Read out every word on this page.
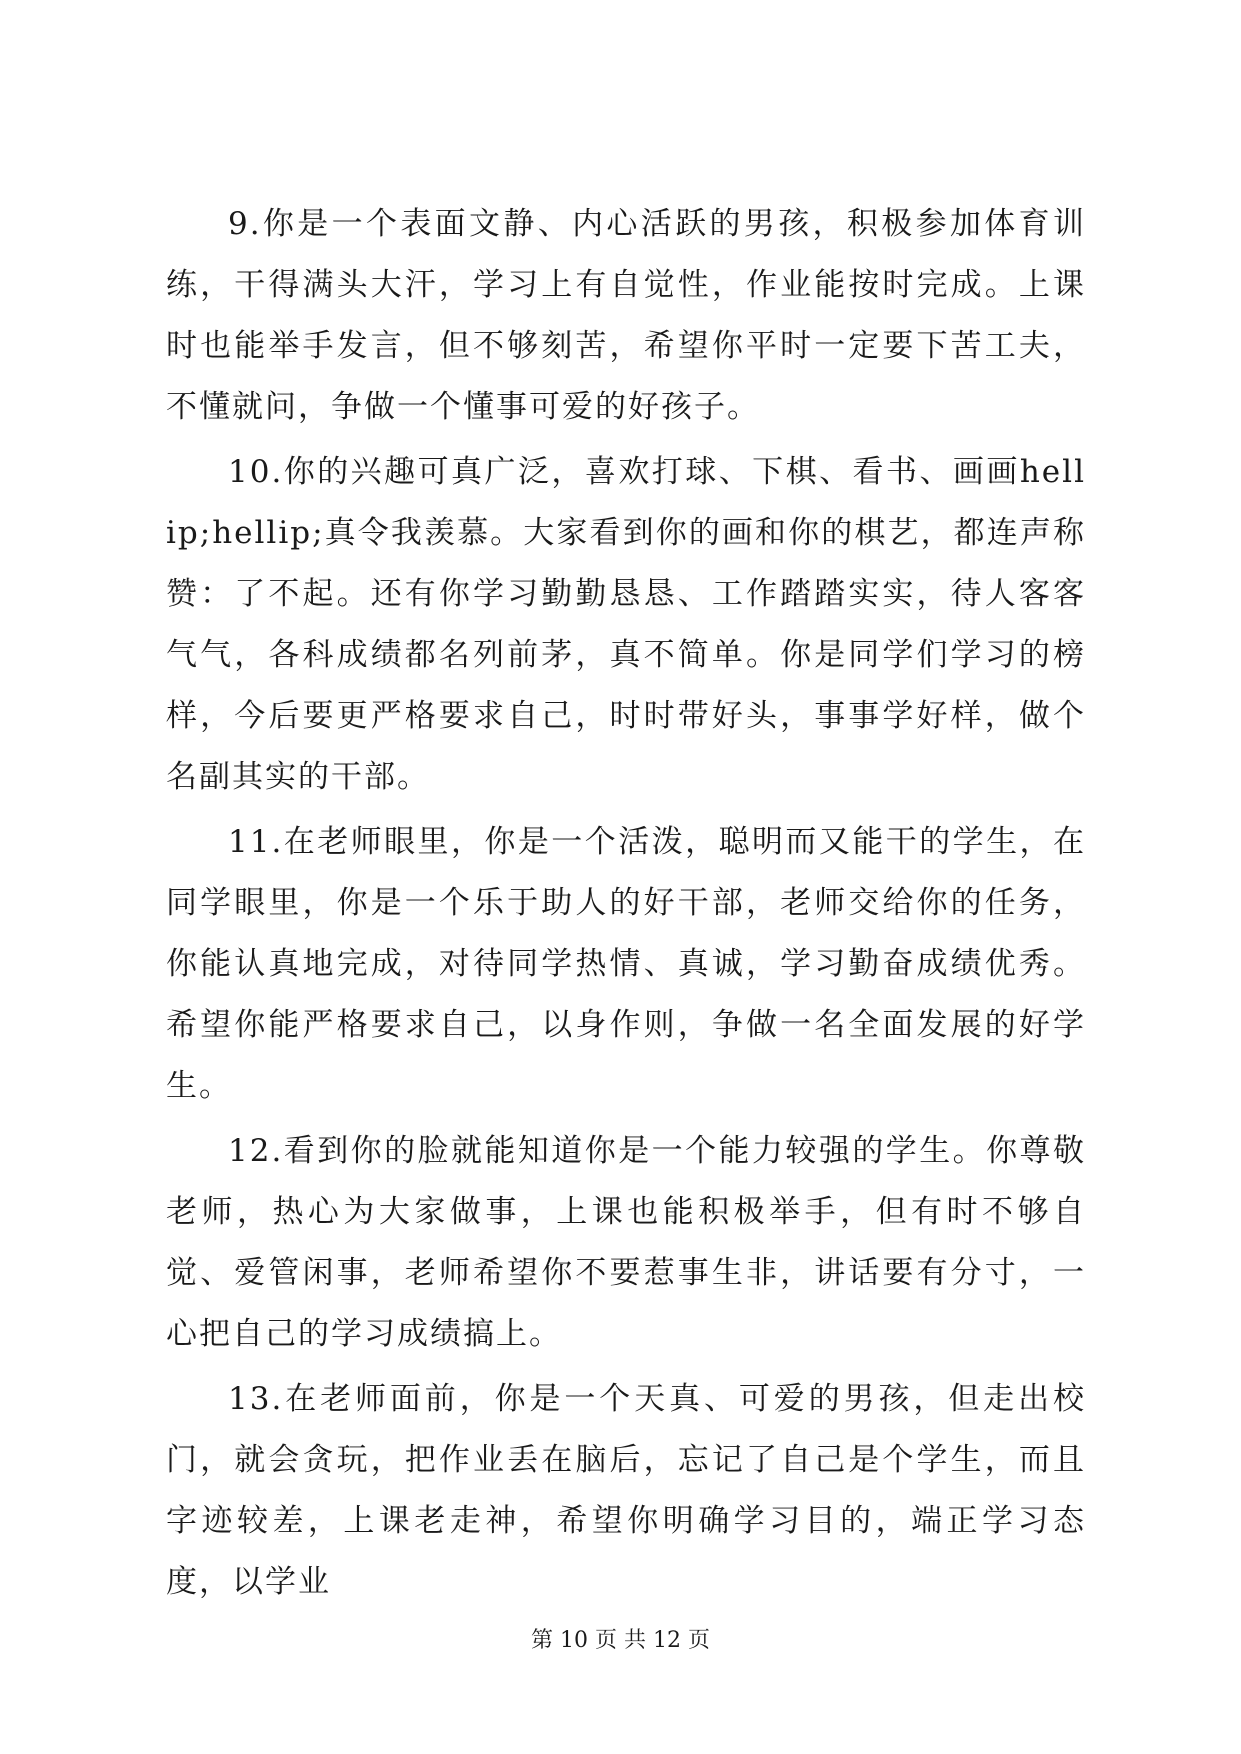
9.你是一个表面文静、内心活跃的男孩，积极参加体育训练，干得满头大汗，学习上有自觉性，作业能按时完成。上课时也能举手发言，但不够刻苦，希望你平时一定要下苦工夫，不懂就问，争做一个懂事可爱的好孩子。

10.你的兴趣可真广泛，喜欢打球、下棋、看书、画画hellip;hellip;真令我羡慕。大家看到你的画和你的棋艺，都连声称赞：了不起。还有你学习勤勤恳恳、工作踏踏实实，待人客客气气，各科成绩都名列前茅，真不简单。你是同学们学习的榜样，今后要更严格要求自己，时时带好头，事事学好样，做个名副其实的干部。

11.在老师眼里，你是一个活泼，聪明而又能干的学生，在同学眼里，你是一个乐于助人的好干部，老师交给你的任务，你能认真地完成，对待同学热情、真诚，学习勤奋成绩优秀。希望你能严格要求自己，以身作则，争做一名全面发展的好学生。

12.看到你的脸就能知道你是一个能力较强的学生。你尊敬老师，热心为大家做事，上课也能积极举手，但有时不够自觉、爱管闲事，老师希望你不要惹事生非，讲话要有分寸，一心把自己的学习成绩搞上。

13.在老师面前，你是一个天真、可爱的男孩，但走出校门，就会贪玩，把作业丢在脑后，忘记了自己是个学生，而且字迹较差，上课老走神，希望你明确学习目的，端正学习态度，以学业

第 10 页 共 12 页
